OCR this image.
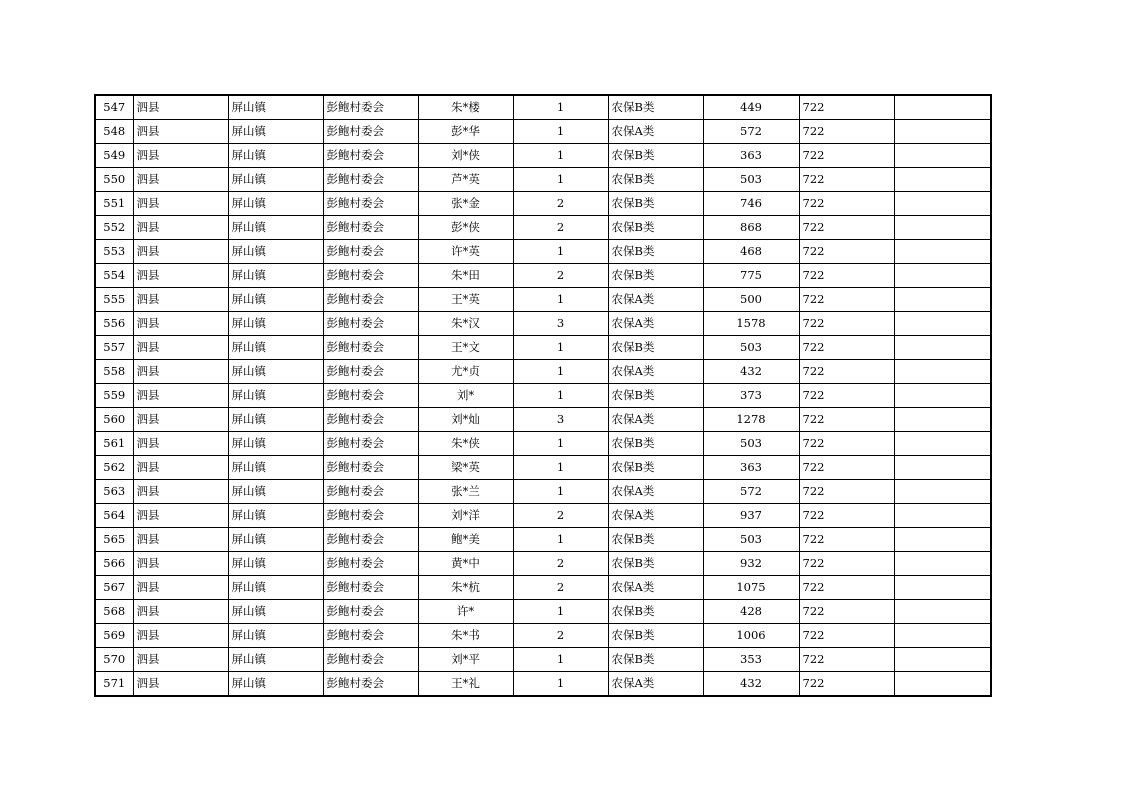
547	泗县	屏山镇	彭鲍村委会	朱*楼	1	农保B类	449	722	
548	泗县	屏山镇	彭鲍村委会	彭*华	1	农保A类	572	722	
549	泗县	屏山镇	彭鲍村委会	刘*侠	1	农保B类	363	722	
550	泗县	屏山镇	彭鲍村委会	芦*英	1	农保B类	503	722	
551	泗县	屏山镇	彭鲍村委会	张*金	2	农保B类	746	722	
552	泗县	屏山镇	彭鲍村委会	彭*侠	2	农保B类	868	722	
553	泗县	屏山镇	彭鲍村委会	许*英	1	农保B类	468	722	
554	泗县	屏山镇	彭鲍村委会	朱*田	2	农保B类	775	722	
555	泗县	屏山镇	彭鲍村委会	王*英	1	农保A类	500	722	
556	泗县	屏山镇	彭鲍村委会	朱*汉	3	农保A类	1578	722	
557	泗县	屏山镇	彭鲍村委会	王*文	1	农保B类	503	722	
558	泗县	屏山镇	彭鲍村委会	尤*贞	1	农保A类	432	722	
559	泗县	屏山镇	彭鲍村委会	刘*	1	农保B类	373	722	
560	泗县	屏山镇	彭鲍村委会	刘*灿	3	农保A类	1278	722	
561	泗县	屏山镇	彭鲍村委会	朱*侠	1	农保B类	503	722	
562	泗县	屏山镇	彭鲍村委会	梁*英	1	农保B类	363	722	
563	泗县	屏山镇	彭鲍村委会	张*兰	1	农保A类	572	722	
564	泗县	屏山镇	彭鲍村委会	刘*洋	2	农保A类	937	722	
565	泗县	屏山镇	彭鲍村委会	鲍*美	1	农保B类	503	722	
566	泗县	屏山镇	彭鲍村委会	黄*中	2	农保B类	932	722	
567	泗县	屏山镇	彭鲍村委会	朱*杭	2	农保A类	1075	722	
568	泗县	屏山镇	彭鲍村委会	许*	1	农保B类	428	722	
569	泗县	屏山镇	彭鲍村委会	朱*书	2	农保B类	1006	722	
570	泗县	屏山镇	彭鲍村委会	刘*平	1	农保B类	353	722	
571	泗县	屏山镇	彭鲍村委会	王*礼	1	农保A类	432	722	
